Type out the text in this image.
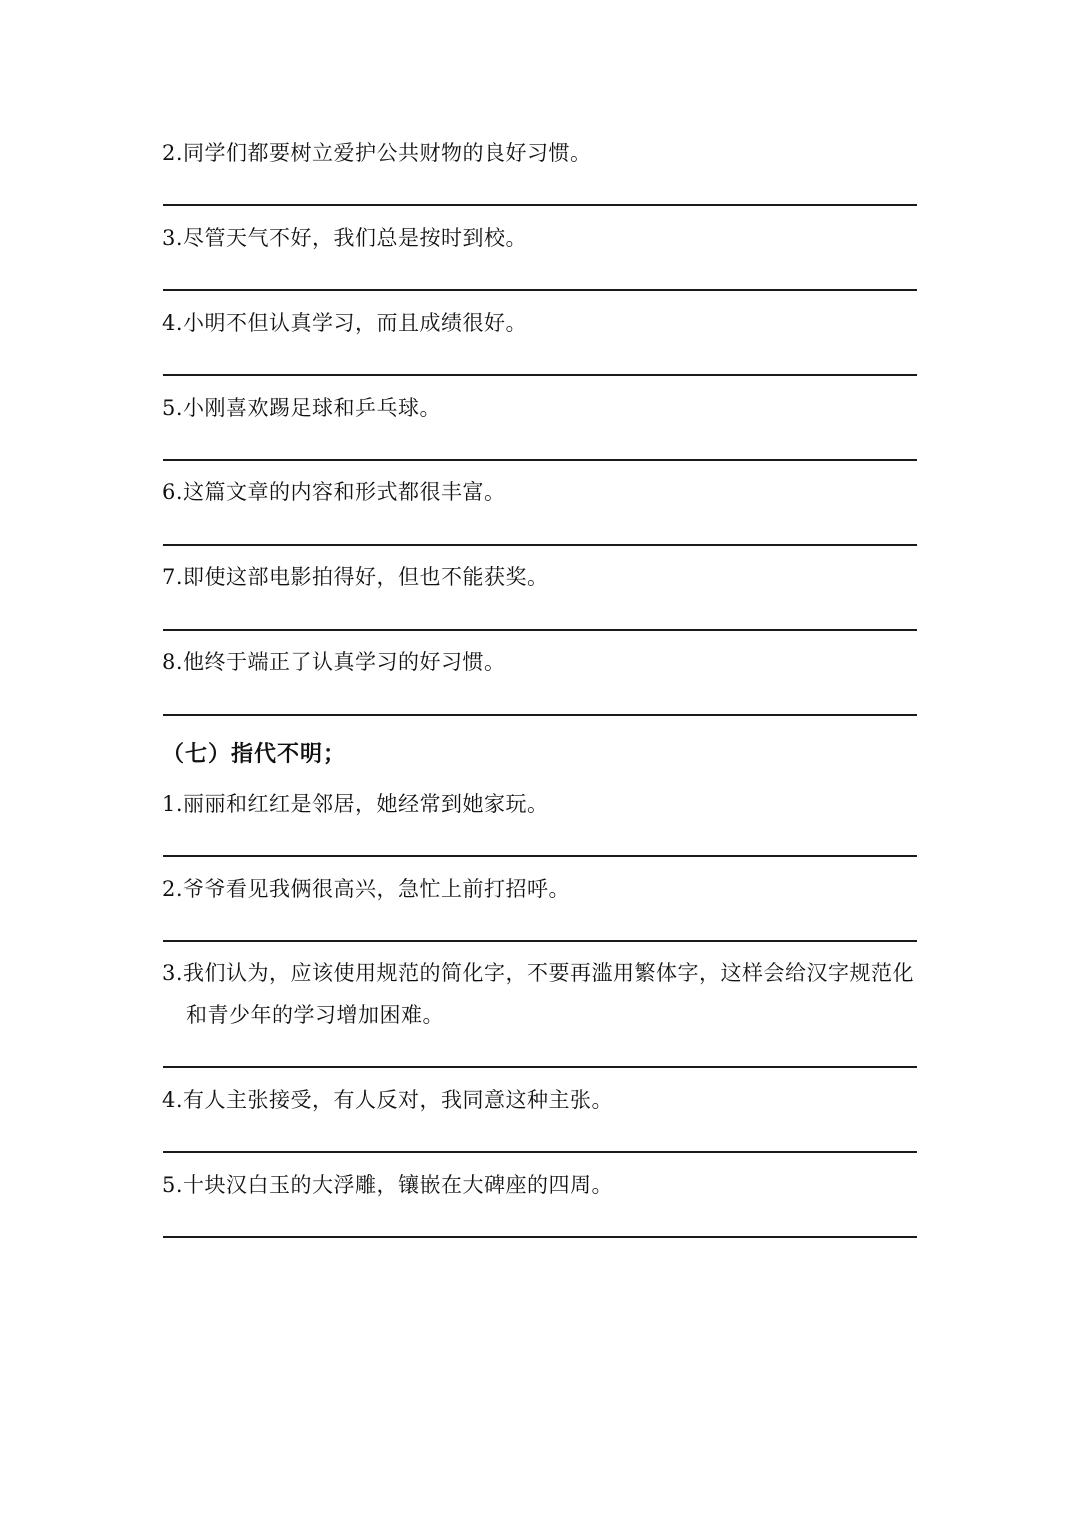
2.同学们都要树立爱护公共财物的良好习惯。
3.尽管天气不好，我们总是按时到校。
4.小明不但认真学习，而且成绩很好。
5.小刚喜欢踢足球和乒乓球。
6.这篇文章的内容和形式都很丰富。
7.即使这部电影拍得好，但也不能获奖。
8.他终于端正了认真学习的好习惯。
（七）指代不明；
1.丽丽和红红是邻居，她经常到她家玩。
2.爷爷看见我俩很高兴，急忙上前打招呼。
3.我们认为，应该使用规范的简化字，不要再滥用繁体字，这样会给汉字规范化
和青少年的学习增加困难。
4.有人主张接受，有人反对，我同意这种主张。
5.十块汉白玉的大浮雕，镶嵌在大碑座的四周。
